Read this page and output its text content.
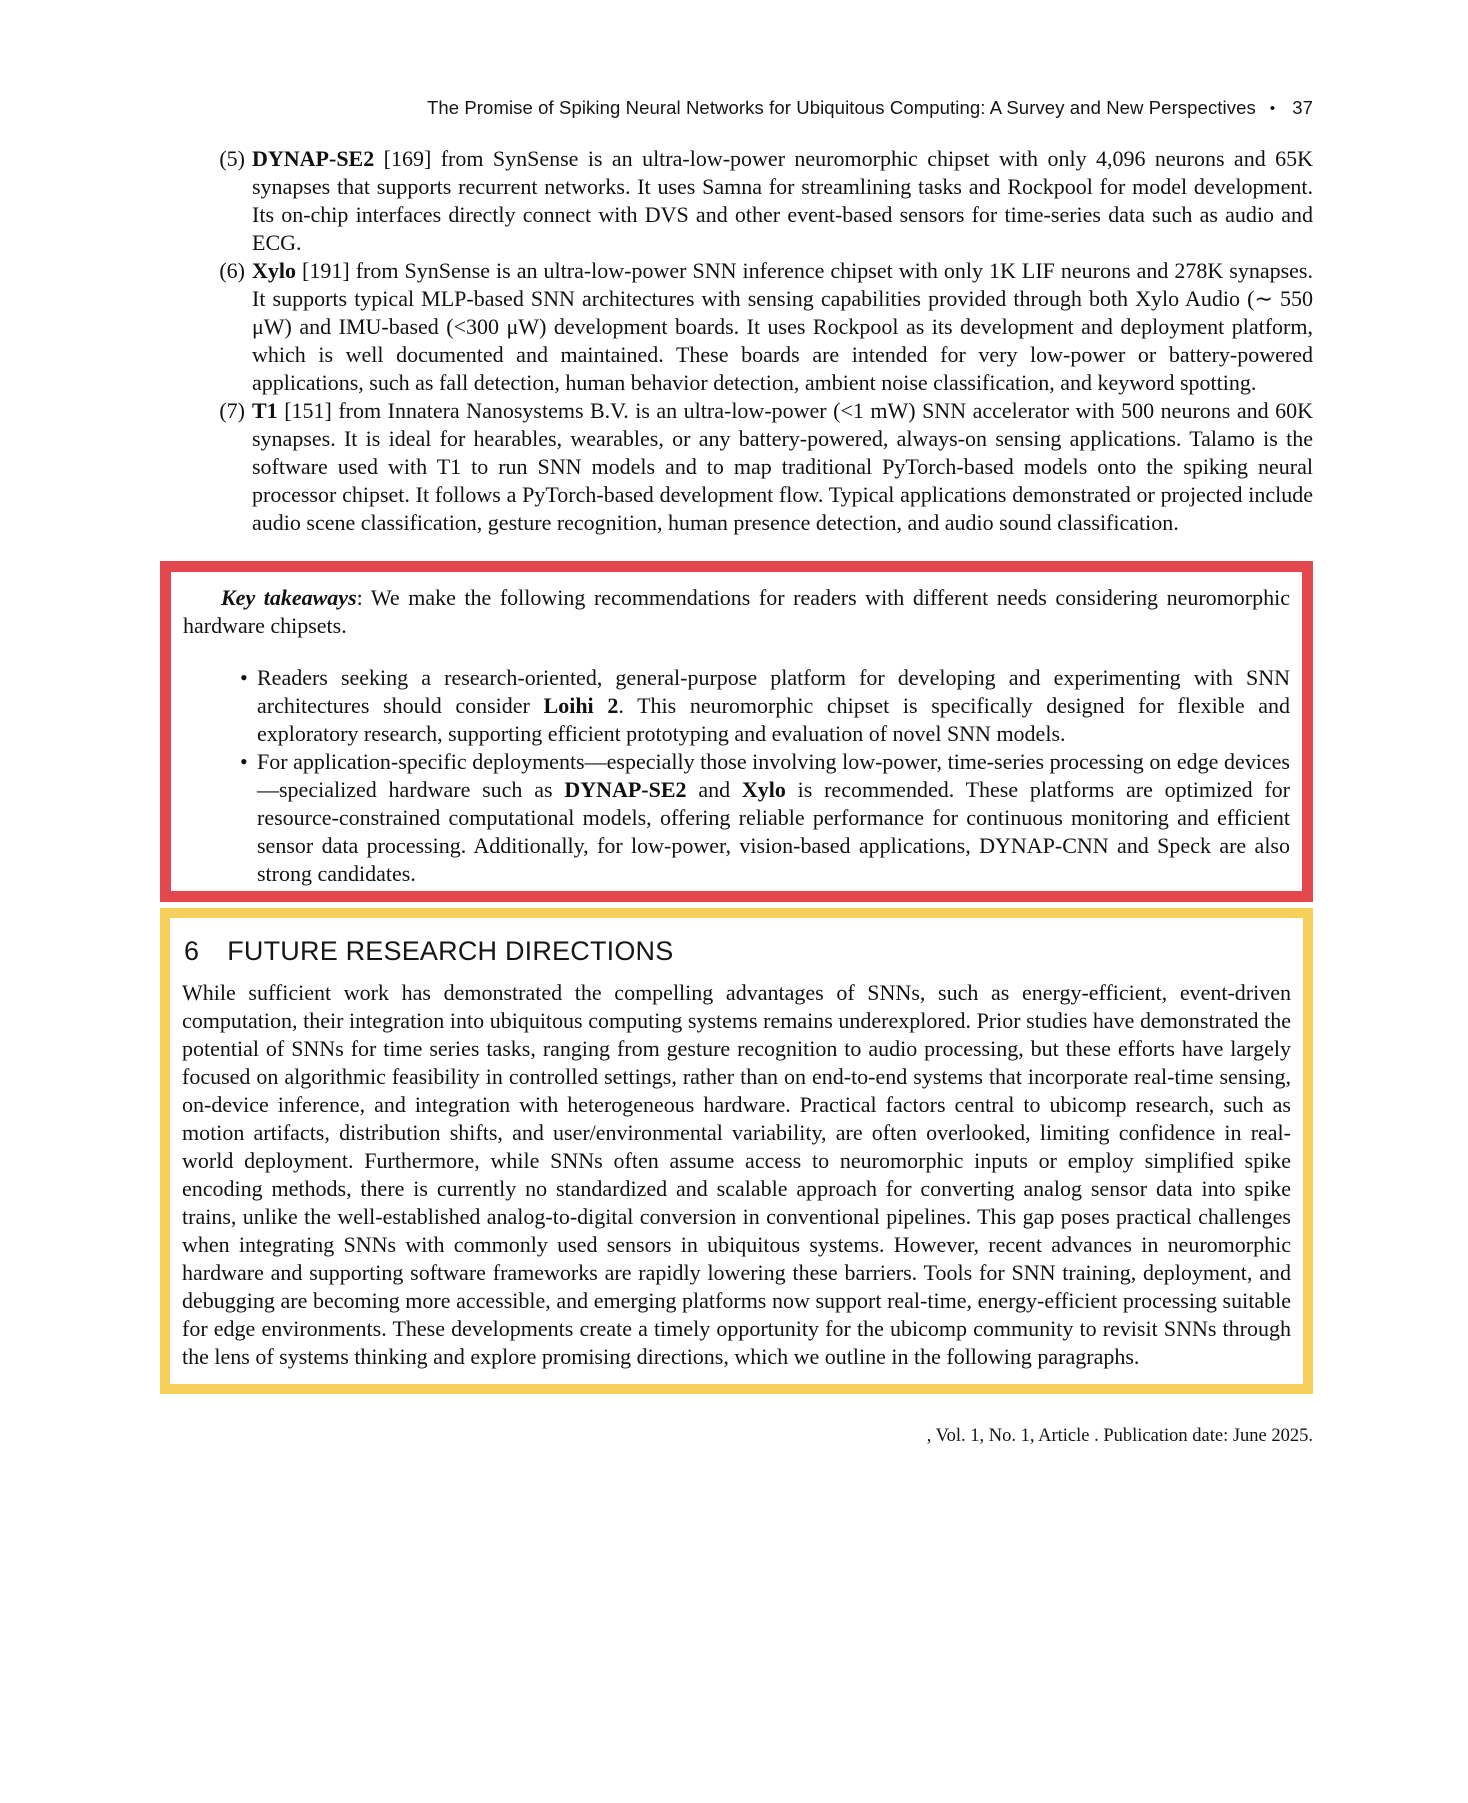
The Promise of Spiking Neural Networks for Ubiquitous Computing: A Survey and New Perspectives • 37
(5) DYNAP-SE2 [169] from SynSense is an ultra-low-power neuromorphic chipset with only 4,096 neurons and 65K synapses that supports recurrent networks. It uses Samna for streamlining tasks and Rockpool for model development. Its on-chip interfaces directly connect with DVS and other event-based sensors for time-series data such as audio and ECG.
(6) Xylo [191] from SynSense is an ultra-low-power SNN inference chipset with only 1K LIF neurons and 278K synapses. It supports typical MLP-based SNN architectures with sensing capabilities provided through both Xylo Audio (∼ 550 μW) and IMU-based (<300 μW) development boards. It uses Rockpool as its development and deployment platform, which is well documented and maintained. These boards are intended for very low-power or battery-powered applications, such as fall detection, human behavior detection, ambient noise classification, and keyword spotting.
(7) T1 [151] from Innatera Nanosystems B.V. is an ultra-low-power (<1 mW) SNN accelerator with 500 neurons and 60K synapses. It is ideal for hearables, wearables, or any battery-powered, always-on sensing applications. Talamo is the software used with T1 to run SNN models and to map traditional PyTorch-based models onto the spiking neural processor chipset. It follows a PyTorch-based development flow. Typical applications demonstrated or projected include audio scene classification, gesture recognition, human presence detection, and audio sound classification.

Key takeaways: We make the following recommendations for readers with different needs considering neuromorphic hardware chipsets.

• Readers seeking a research-oriented, general-purpose platform for developing and experimenting with SNN architectures should consider Loihi 2. This neuromorphic chipset is specifically designed for flexible and exploratory research, supporting efficient prototyping and evaluation of novel SNN models.
• For application-specific deployments—especially those involving low-power, time-series processing on edge devices—specialized hardware such as DYNAP-SE2 and Xylo is recommended. These platforms are optimized for resource-constrained computational models, offering reliable performance for continuous monitoring and efficient sensor data processing. Additionally, for low-power, vision-based applications, DYNAP-CNN and Speck are also strong candidates.
6 FUTURE RESEARCH DIRECTIONS

While sufficient work has demonstrated the compelling advantages of SNNs, such as energy-efficient, event-driven computation, their integration into ubiquitous computing systems remains underexplored. Prior studies have demonstrated the potential of SNNs for time series tasks, ranging from gesture recognition to audio processing, but these efforts have largely focused on algorithmic feasibility in controlled settings, rather than on end-to-end systems that incorporate real-time sensing, on-device inference, and integration with heterogeneous hardware. Practical factors central to ubicomp research, such as motion artifacts, distribution shifts, and user/environmental variability, are often overlooked, limiting confidence in real-world deployment. Furthermore, while SNNs often assume access to neuromorphic inputs or employ simplified spike encoding methods, there is currently no standardized and scalable approach for converting analog sensor data into spike trains, unlike the well-established analog-to-digital conversion in conventional pipelines. This gap poses practical challenges when integrating SNNs with commonly used sensors in ubiquitous systems. However, recent advances in neuromorphic hardware and supporting software frameworks are rapidly lowering these barriers. Tools for SNN training, deployment, and debugging are becoming more accessible, and emerging platforms now support real-time, energy-efficient processing suitable for edge environments. These developments create a timely opportunity for the ubicomp community to revisit SNNs through the lens of systems thinking and explore promising directions, which we outline in the following paragraphs.

, Vol. 1, No. 1, Article . Publication date: June 2025.
